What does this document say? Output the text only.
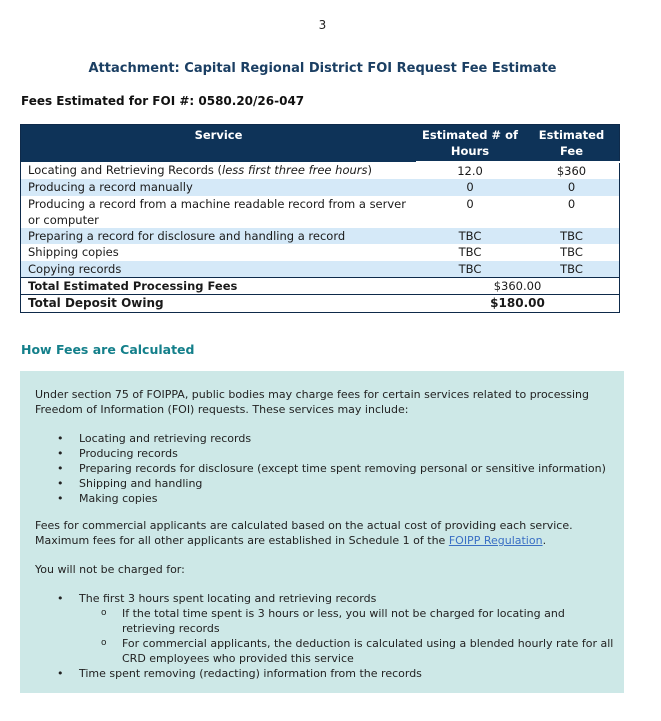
3
Attachment: Capital Regional District FOI Request Fee Estimate
Fees Estimated for FOI #: 0580.20/26-047
Service	Estimated # of Hours	Estimated Fee
Locating and Retrieving Records (less first three free hours)	12.0	$360
Producing a record manually	0	0
Producing a record from a machine readable record from a server or computer	0	0
Preparing a record for disclosure and handling a record	TBC	TBC
Shipping copies	TBC	TBC
Copying records	TBC	TBC
Total Estimated Processing Fees	$360.00	
Total Deposit Owing	$180.00	
How Fees are Calculated

Under section 75 of FOIPPA, public bodies may charge fees for certain services related to processing Freedom of Information (FOI) requests. These services may include:

• Locating and retrieving records
• Producing records
• Preparing records for disclosure (except time spent removing personal or sensitive information)
• Shipping and handling
• Making copies

Fees for commercial applicants are calculated based on the actual cost of providing each service. Maximum fees for all other applicants are established in Schedule 1 of the FOIPP Regulation.

You will not be charged for:

• The first 3 hours spent locating and retrieving records
o If the total time spent is 3 hours or less, you will not be charged for locating and retrieving records
o For commercial applicants, the deduction is calculated using a blended hourly rate for all CRD employees who provided this service
• Time spent removing (redacting) information from the records
